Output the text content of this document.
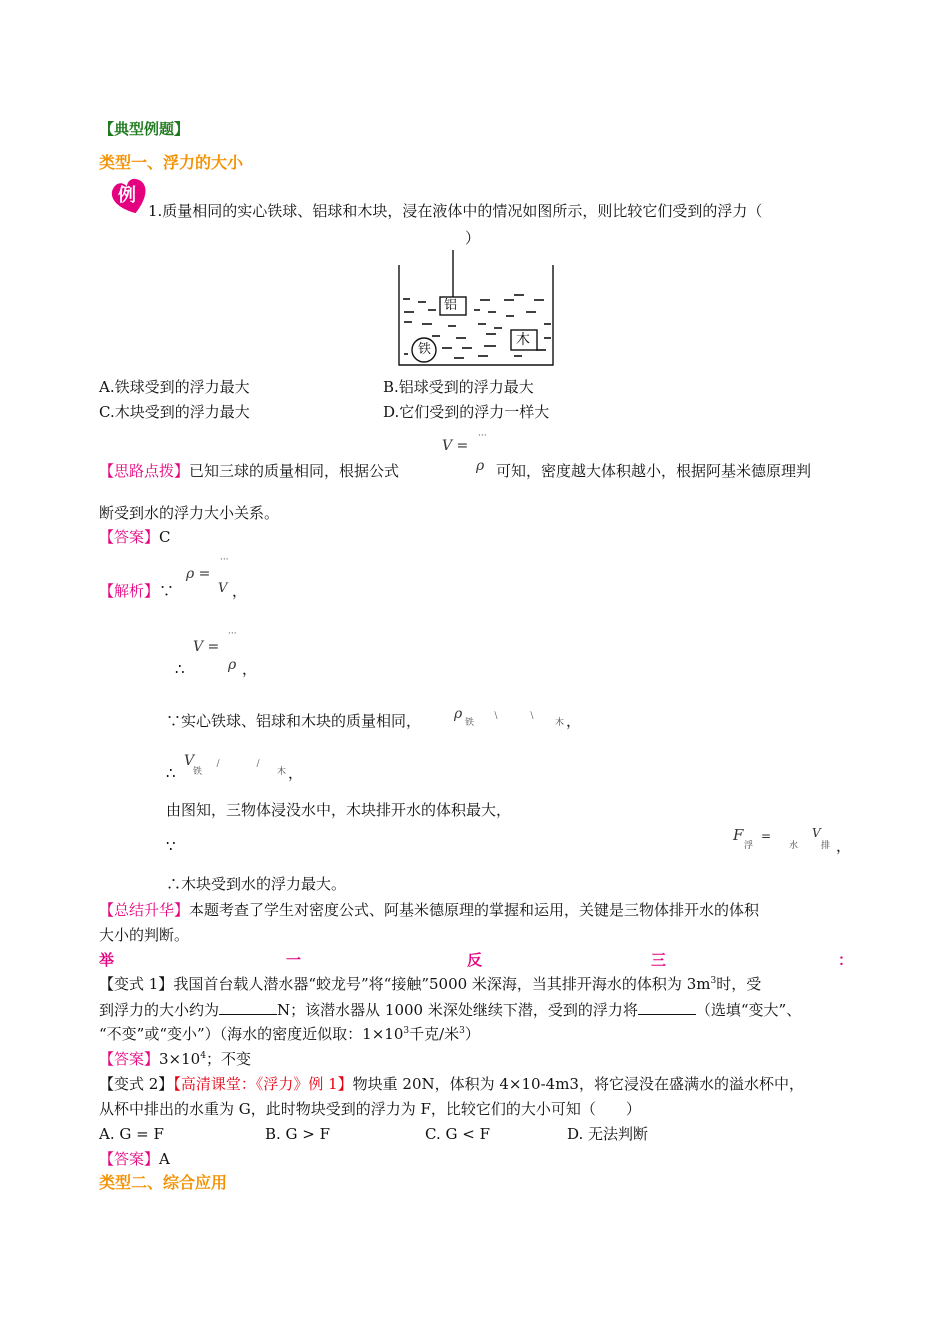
【典型例题】
类型一、浮力的大小
例
1.质量相同的实心铁球、铝球和木块，浸在液体中的情况如图所示，则比较它们受到的浮力（
）
铝
木
铁
A.铁球受到的浮力最大	B.铝球受到的浮力最大
C.木块受到的浮力最大	D.它们受到的浮力一样大
···
V =
ρ
【思路点拨】已知三球的质量相同，根据公式	可知，密度越大体积越小，根据阿基米德原理判
断受到水的浮力大小关系。
【答案】C
···
ρ =
【解析】∵	V ，
···
V =
∴	ρ ，
∵实心铁球、铝球和木块的质量相同， ρ
铁
﹨ ﹨
木 ，
∴
V
铁
﹨ ﹨
木 ，
由图知，三物体浸没水中，木块排开水的体积最大，
∵
F
浮
=
水
V
排 ，
∴木块受到水的浮力最大。
【总结升华】本题考查了学生对密度公式、阿基米德原理的掌握和运用，关键是三物体排开水的体积
大小的判断。
举	一	反	三	：
【变式 1】我国首台载人潜水器“蛟龙号”将“接触”5000 米深海，当其排开海水的体积为 $3m^3$时，受
到浮力的大小约为	N；该潜水器从 1000 米深处继续下潜，受到的浮力将	（选填“变大”、
“不变”或“变小”）（海水的密度近似取：$1\times 10^3$千克/米$^3$）
【答案】$3\times 10^4$；不变
【变式 2】【高清课堂：《浮力》例 1】物块重 20N，体积为 4×10-4m3，将它浸没在盛满水的溢水杯中，
从杯中排出的水重为 G，此时物块受到的浮力为 F，比较它们的大小可知（　　）
A. G = F	B. G > F	C. G < F	D. 无法判断
【答案】A
类型二、综合应用
